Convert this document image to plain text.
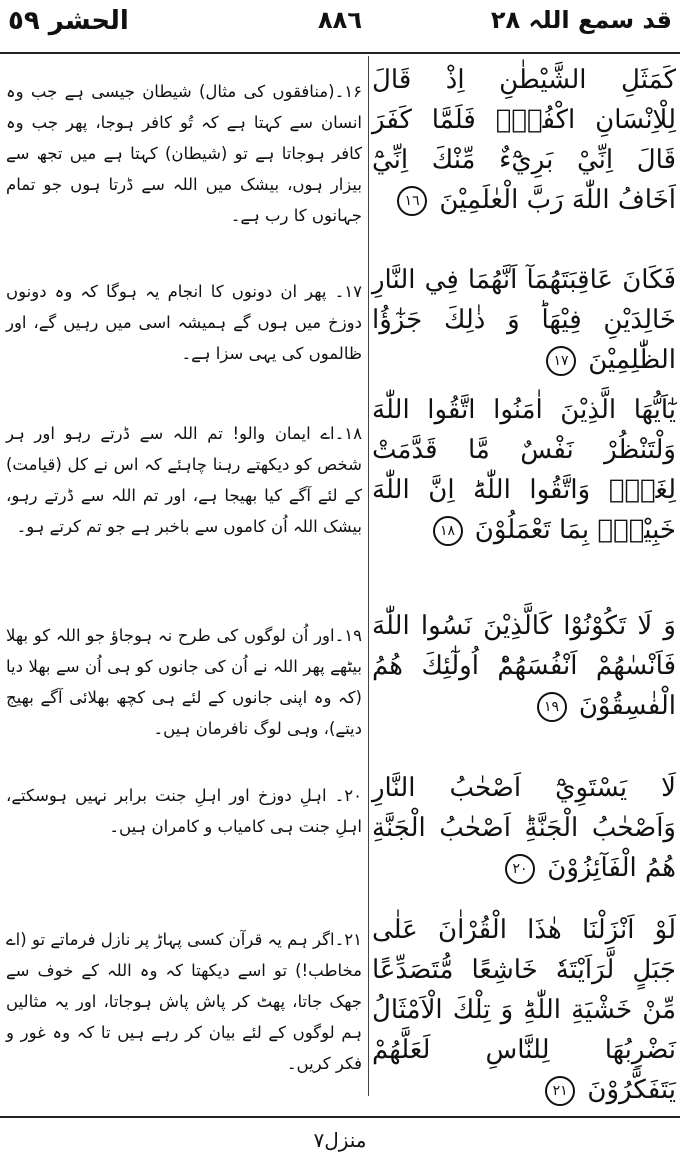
الحشر ٥٩	٨٨٦	قد سمع اللہ ۲۸
كَمَثَلِ الشَّيْطٰنِ اِذْ قَالَ لِلْاِنْسَانِ اكْفُرْۚ فَلَمَّا كَفَرَ قَالَ اِنِّيْ بَرِيْٓءٌ مِّنْكَ اِنِّيْٓ اَخَافُ اللّٰهَ رَبَّ الْعٰلَمِيْنَ ١٦
فَكَانَ عَاقِبَتَهُمَآ اَنَّهُمَا فِي النَّارِ خَالِدَيْنِ فِيْهَاؕ وَ ذٰلِكَ جَزٰٓؤُا الظّٰلِمِيْنَ ١٧
يٰٓاَيُّهَا الَّذِيْنَ اٰمَنُوا اتَّقُوا اللّٰهَ وَلْتَنْظُرْ نَفْسٌ مَّا قَدَّمَتْ لِغَدٍۚ وَاتَّقُوا اللّٰهَؕ اِنَّ اللّٰهَ خَبِيْرٌۢ بِمَا تَعْمَلُوْنَ ١٨
وَ لَا تَكُوْنُوْا كَالَّذِيْنَ نَسُوا اللّٰهَ فَاَنْسٰهُمْ اَنْفُسَهُمْؕ اُولٰٓئِكَ هُمُ الْفٰسِقُوْنَ ١٩
لَا يَسْتَوِيْٓ اَصْحٰبُ النَّارِ وَاَصْحٰبُ الْجَنَّةِؕ اَصْحٰبُ الْجَنَّةِ هُمُ الْفَآئِزُوْنَ ٢٠
لَوْ اَنْزَلْنَا هٰذَا الْقُرْاٰنَ عَلٰى جَبَلٍ لَّرَاَيْتَهٗ خَاشِعًا مُّتَصَدِّعًا مِّنْ خَشْيَةِ اللّٰهِؕ وَ تِلْكَ الْاَمْثَالُ نَضْرِبُهَا لِلنَّاسِ لَعَلَّهُمْ يَتَفَكَّرُوْنَ ٢١
۱۶۔(منافقوں کی مثال) شیطان جیسی ہے جب وہ انسان سے کہتا ہے کہ تُو کافر ہوجا، پھر جب وہ کافر ہوجاتا ہے تو (شیطان) کہتا ہے میں تجھ سے بیزار ہوں، بیشک میں اللہ سے ڈرتا ہوں جو تمام جہانوں کا رب ہے۔
۱۷۔ پھر ان دونوں کا انجام یہ ہوگا کہ وہ دونوں دوزخ میں ہوں گے ہمیشہ اسی میں رہیں گے، اور ظالموں کی یہی سزا ہے۔
۱۸۔اے ایمان والو! تم اللہ سے ڈرتے رہو اور ہر شخص کو دیکھتے رہنا چاہئے کہ اس نے کل (قیامت) کے لئے آگے کیا بھیجا ہے، اور تم اللہ سے ڈرتے رہو، بیشک اللہ اُن کاموں سے باخبر ہے جو تم کرتے ہو۔
۱۹۔اور اُن لوگوں کی طرح نہ ہوجاؤ جو اللہ کو بھلا بیٹھے پھر اللہ نے اُن کی جانوں کو ہی اُن سے بھلا دیا (کہ وہ اپنی جانوں کے لئے ہی کچھ بھلائی آگے بھیج دیتے)، وہی لوگ نافرمان ہیں۔
۲۰۔ اہلِ دوزخ اور اہلِ جنت برابر نہیں ہوسکتے، اہلِ جنت ہی کامیاب و کامران ہیں۔
۲۱۔اگر ہم یہ قرآن کسی پہاڑ پر نازل فرماتے تو (اے مخاطب!) تو اسے دیکھتا کہ وہ اللہ کے خوف سے جھک جاتا، پھٹ کر پاش پاش ہوجاتا، اور یہ مثالیں ہم لوگوں کے لئے بیان کر رہے ہیں تا کہ وہ غور و فکر کریں۔
منزل۷
